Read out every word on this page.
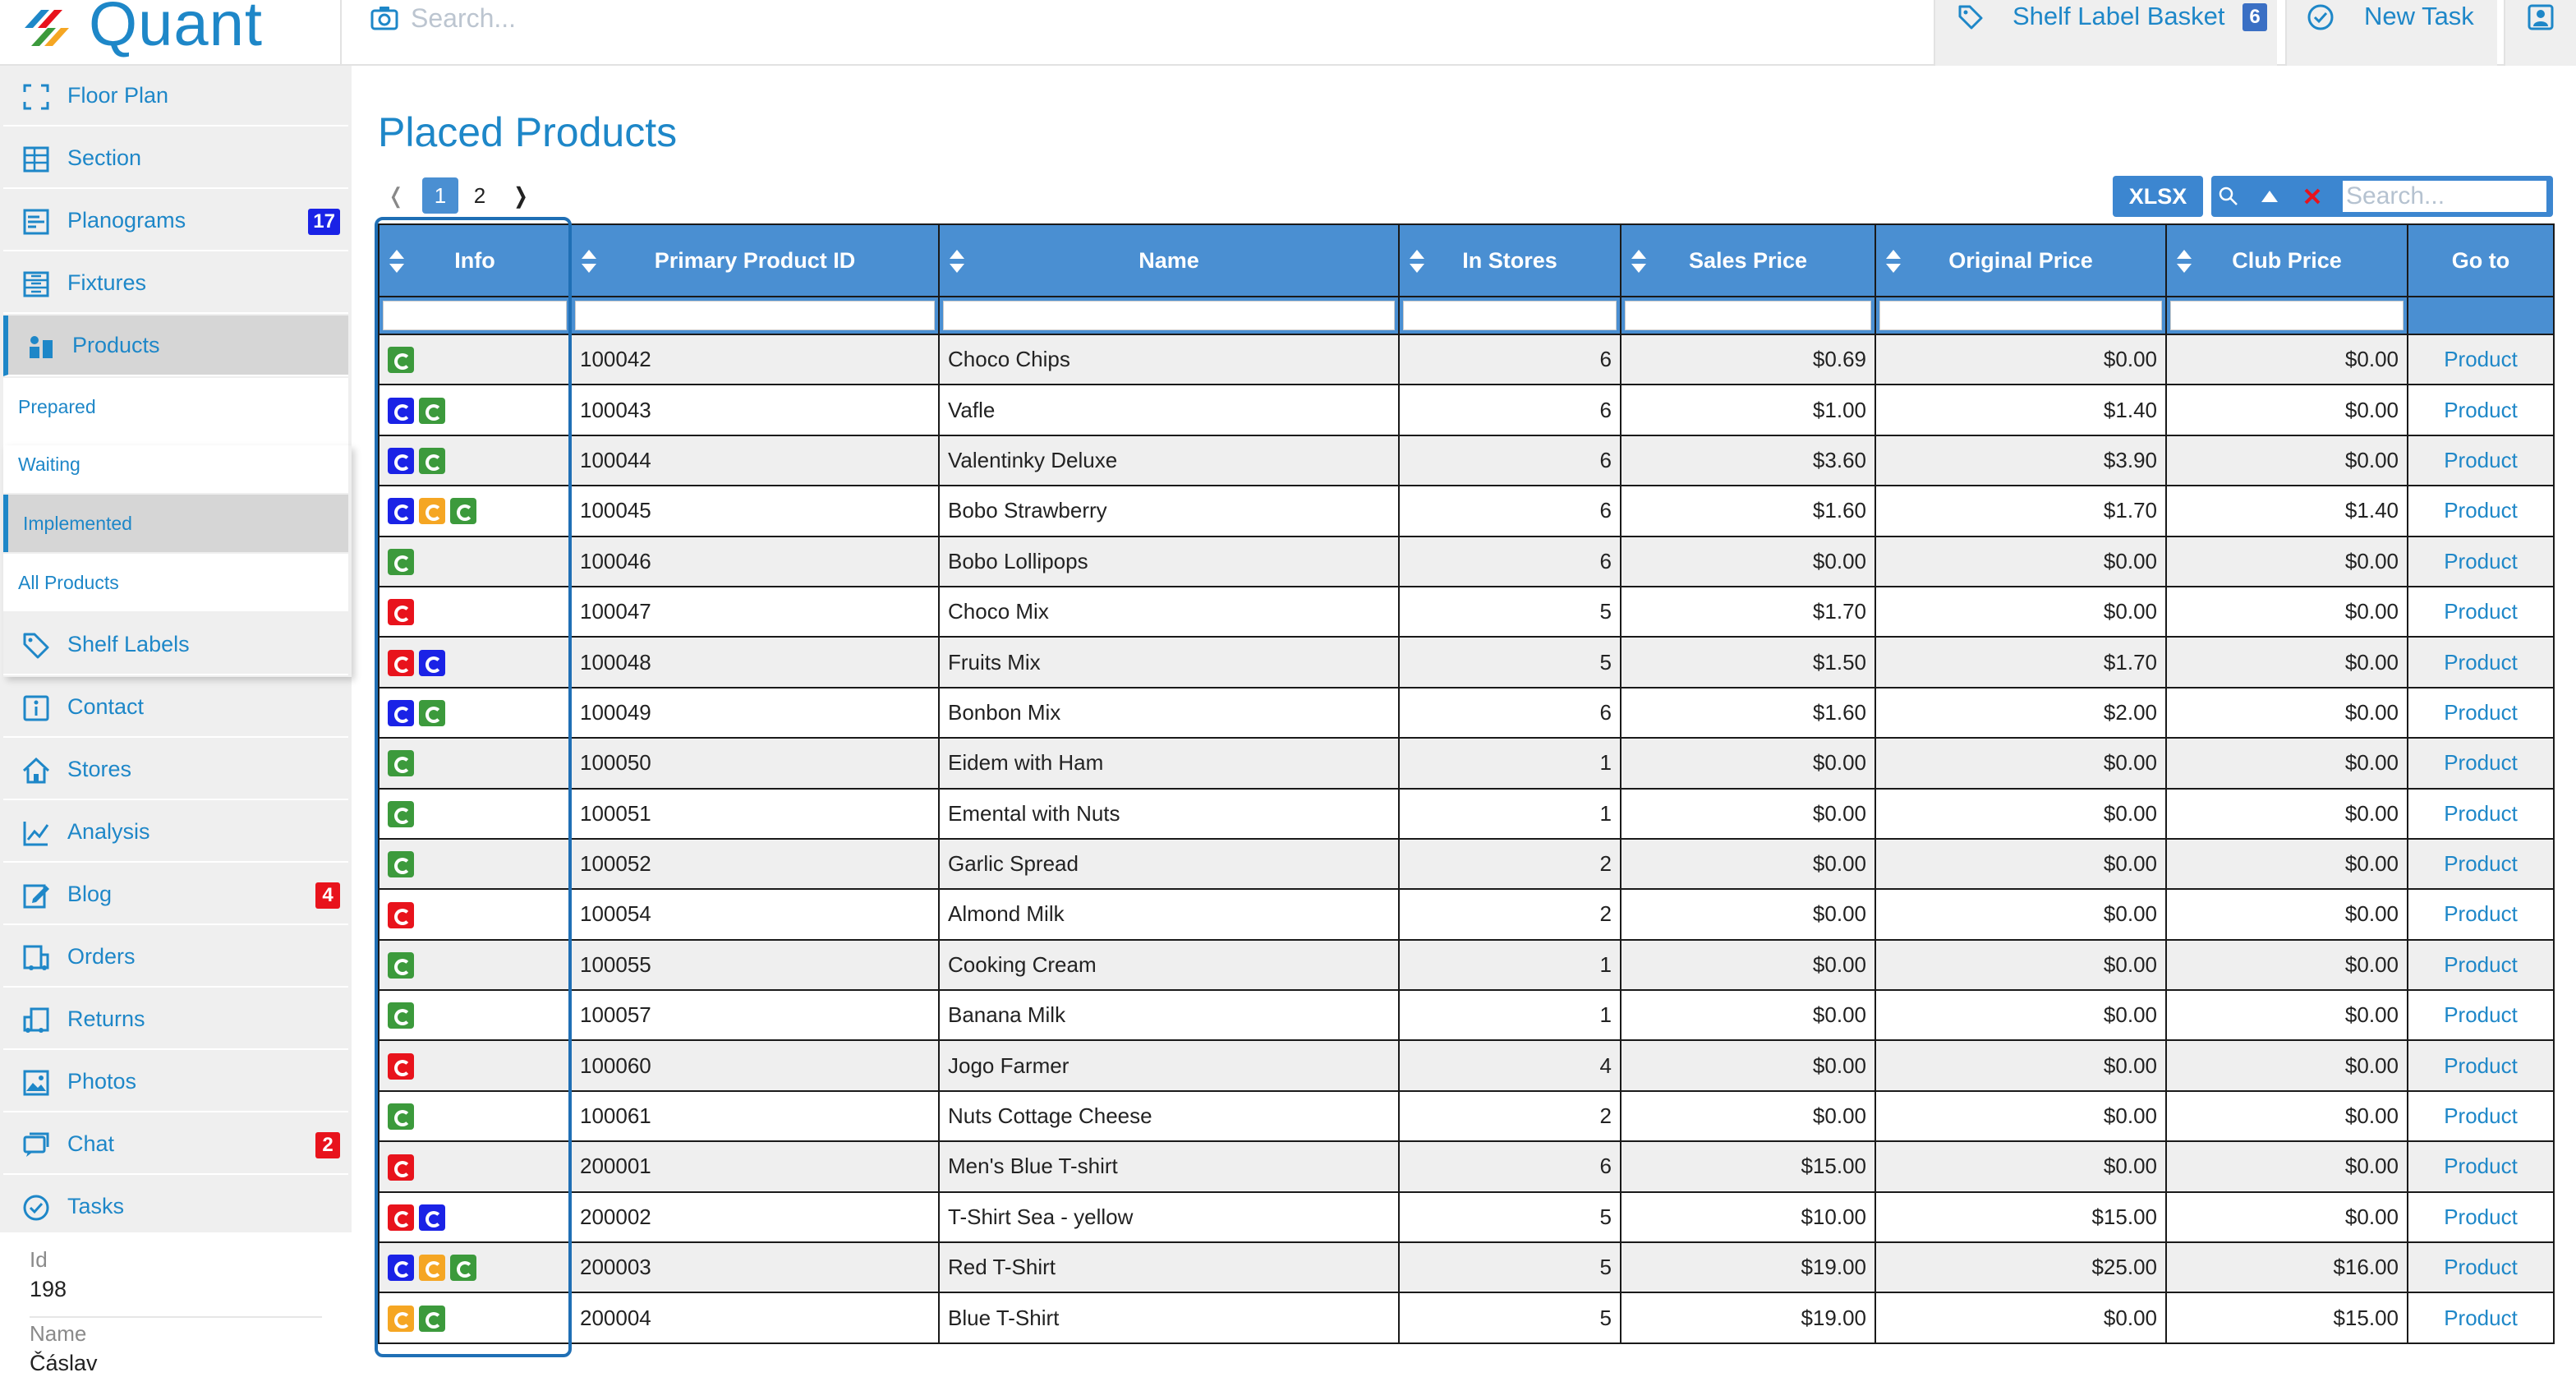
Quant
Search...	Shelf Label Basket	6	New Task
Floor Plan
Section
Planograms	17
Fixtures
Products
Prepared
Waiting
Implemented
All Products
Shelf Labels
Contact
Stores
Analysis
Blog	4
Orders
Returns
Photos
Chat	2
Tasks
Id
198
Name
Čáslav
Placed Products
❬	1	2	❭	XLSX
Search...
Info	Primary Product ID	Name	In Stores	Sales Price	Original Price	Club Price	Go to

	100042	Choco Chips	6	$0.69	$0.00	$0.00	Product
	100043	Vafle	6	$1.00	$1.40	$0.00	Product
	100044	Valentinky Deluxe	6	$3.60	$3.90	$0.00	Product
	100045	Bobo Strawberry	6	$1.60	$1.70	$1.40	Product
	100046	Bobo Lollipops	6	$0.00	$0.00	$0.00	Product
	100047	Choco Mix	5	$1.70	$0.00	$0.00	Product
	100048	Fruits Mix	5	$1.50	$1.70	$0.00	Product
	100049	Bonbon Mix	6	$1.60	$2.00	$0.00	Product
	100050	Eidem with Ham	1	$0.00	$0.00	$0.00	Product
	100051	Emental with Nuts	1	$0.00	$0.00	$0.00	Product
	100052	Garlic Spread	2	$0.00	$0.00	$0.00	Product
	100054	Almond Milk	2	$0.00	$0.00	$0.00	Product
	100055	Cooking Cream	1	$0.00	$0.00	$0.00	Product
	100057	Banana Milk	1	$0.00	$0.00	$0.00	Product
	100060	Jogo Farmer	4	$0.00	$0.00	$0.00	Product
	100061	Nuts Cottage Cheese	2	$0.00	$0.00	$0.00	Product
	200001	Men's Blue T-shirt	6	$15.00	$0.00	$0.00	Product
	200002	T-Shirt Sea - yellow	5	$10.00	$15.00	$0.00	Product
	200003	Red T-Shirt	5	$19.00	$25.00	$16.00	Product
	200004	Blue T-Shirt	5	$19.00	$0.00	$15.00	Product
